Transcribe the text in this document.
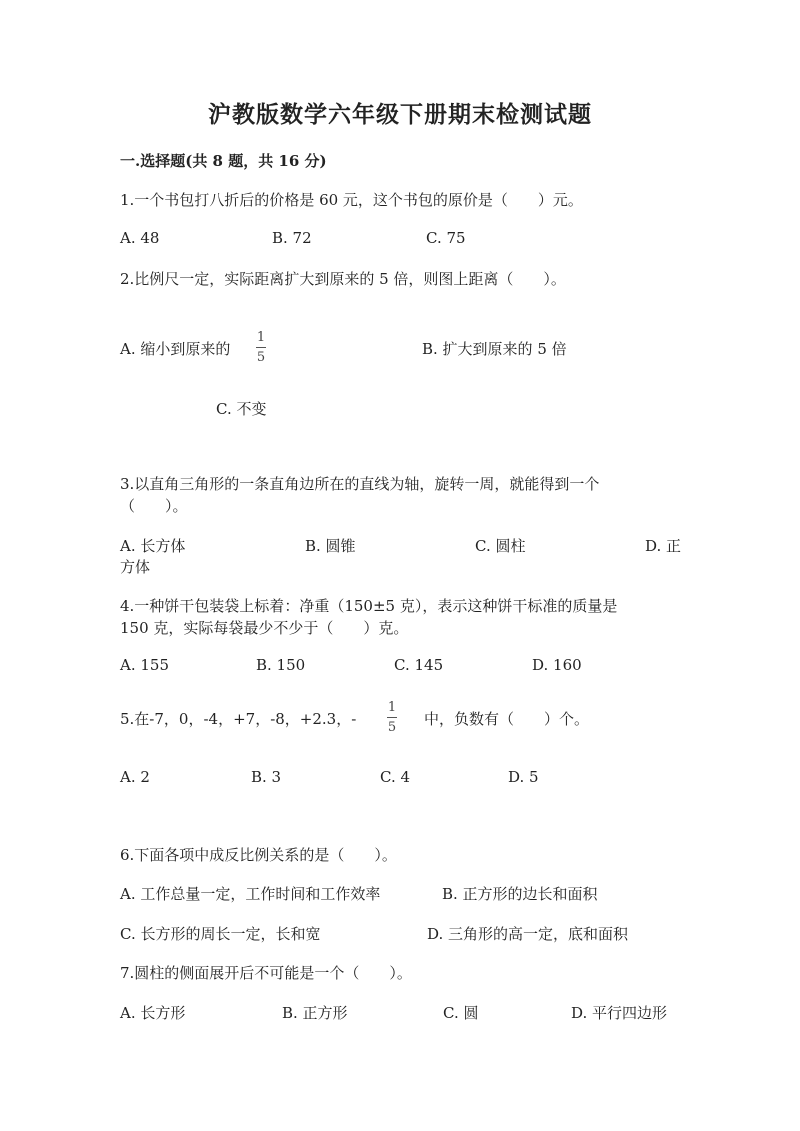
沪教版数学六年级下册期末检测试题
一.选择题(共 8 题，共 16 分)
1.一个书包打八折后的价格是 60 元，这个书包的原价是（　　）元。
A. 48	B. 72	C. 75
2.比例尺一定，实际距离扩大到原来的 5 倍，则图上距离（　　）。
A. 缩小到原来的
1
5	B. 扩大到原来的 5 倍
C. 不变
3.以直角三角形的一条直角边所在的直线为轴，旋转一周，就能得到一个
（　　）。
A. 长方体	B. 圆锥	C. 圆柱	D. 正
方体
4.一种饼干包装袋上标着：净重（150±5 克），表示这种饼干标准的质量是
150 克，实际每袋最少不少于（　　）克。
A. 155	B. 150	C. 145	D. 160
5.在-7，0，-4，+7，-8，+2.3，-
1
5 中，负数有（　　）个。
A. 2	B. 3	C. 4	D. 5
6.下面各项中成反比例关系的是（　　）。
A. 工作总量一定，工作时间和工作效率	B. 正方形的边长和面积
C. 长方形的周长一定，长和宽	D. 三角形的高一定，底和面积
7.圆柱的侧面展开后不可能是一个（　　）。
A. 长方形	B. 正方形	C. 圆	D. 平行四边形
